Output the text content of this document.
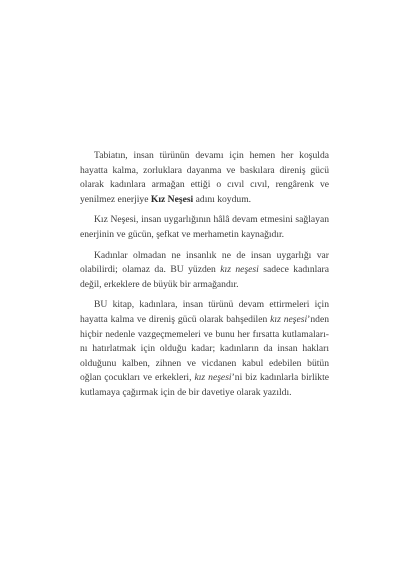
Tabiatın, insan türünün devamı için hemen her koşulda hayatta kalma, zorluklara dayanma ve baskılara direniş gücü olarak kadınlara armağan ettiği o cıvıl cıvıl, rengârenk ve yenilmez enerjiye Kız Neşesi adını koydum.

Kız Neşesi, insan uygarlığının hâlâ devam etmesini sağlayan enerjinin ve gücün, şefkat ve merhametin kaynağıdır.

Kadınlar olmadan ne insanlık ne de insan uygarlığı var olabilirdi; olamaz da. BU yüzden kız neşesi sadece kadınlara değil, erkeklere de büyük bir armağandır.

BU kitap, kadınlara, insan türünü devam ettirmeleri için hayatta kalma ve direniş gücü olarak bahşedilen kız neşesi’nden hiçbir nedenle vazgeçmemeleri ve bunu her fırsatta kutlamalarını hatırlatmak için olduğu kadar; kadınların da insan hakları olduğunu kalben, zihnen ve vicdanen kabul edebilen bütün oğlan çocukları ve erkekleri, kız neşesi’ni biz kadınlarla birlikte kutlamaya çağırmak için de bir davetiye olarak yazıldı.
